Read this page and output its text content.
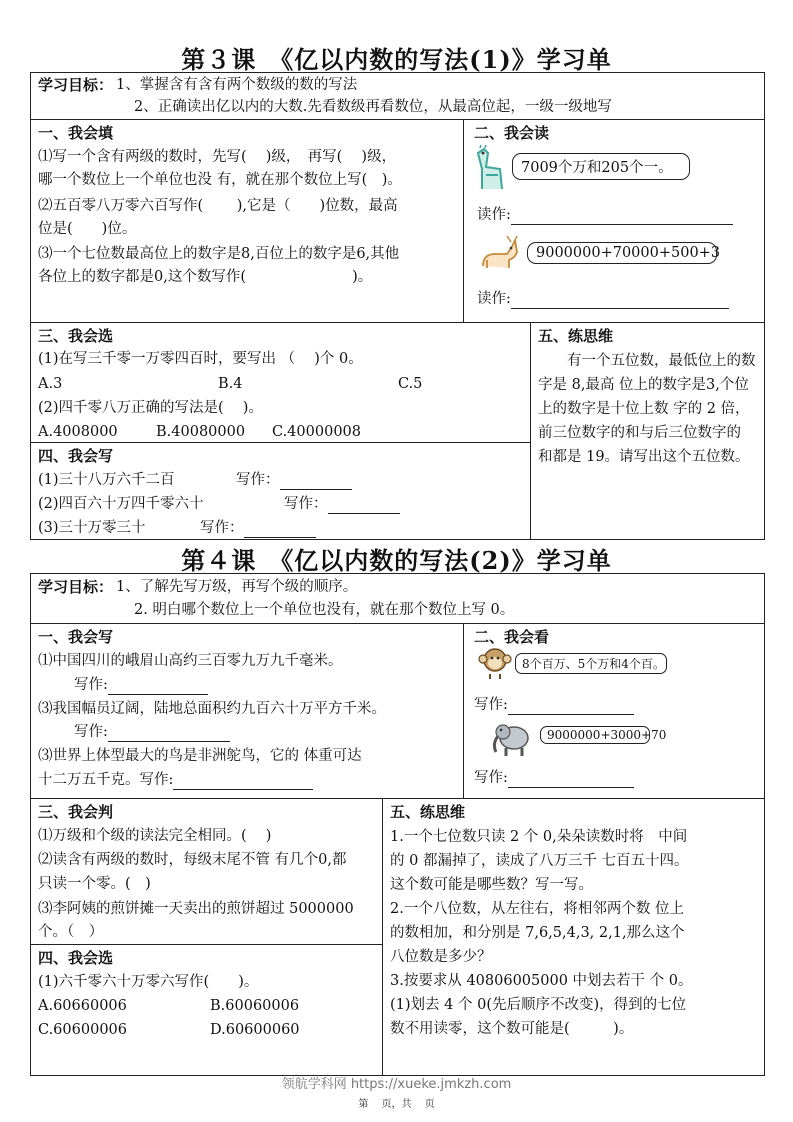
第３课　《亿以内数的写法(1)》学习单
学习目标： 1、掌握含有含有两个数级的数的写法
2、正确读出亿以内的大数.先看数级再看数位，从最高位起，一级一级地写
一、我会填
⑴写一个含有两级的数时，先写(　 )级，　再写(　 )级，
哪一个数位上一个单位也没 有，就在那个数位上写(　)。
⑵五百零八万零六百写作(　　 ),它是（　　)位数，最高
位是(　　)位。
⑶一个七位数最高位上的数字是8,百位上的数字是6,其他
各位上的数字都是0,这个数写作(　　　　　　　 )。
二、我会读
7009个万和205个一。
读作:
9000000+70000+500+3
读作:
三、我会选
(1)在写三千零一万零四百时，要写出 （　 )个 0。
A.3	B.4	C.5
(2)四千零八万正确的写法是(　 )。
A.4008000	B.40080000 C.40000008
四、我会写
(1)三十八万六千二百	写作：
(2)四百六十万四千零六十	写作：
(3)三十万零三十	写作：
五、练思维
　　有一个五位数，最低位上的数字是 8,最高 位上的数字是3,个位上的数字是十位上数 字的 2 倍，前三位数字的和与后三位数字的 和都是 19。请写出这个五位数。
第４课　《亿以内数的写法(2)》学习单
学习目标： 1、了解先写万级，再写个级的顺序。
2. 明白哪个数位上一个单位也没有，就在那个数位上写 0。
一、我会写
⑴中国四川的峨眉山高约三百零九万九千毫米。
写作:
⑶我国幅员辽阔，陆地总面积约九百六十万平方千米。
写作:
⑶世界上体型最大的鸟是非洲鸵鸟，它的 体重可达
十二万五千克。写作:
二、我会看
8个百万、5个万和4个百。
写作:
9000000+3000+70
写作:
三、我会判
⑴万级和个级的读法完全相同。(　 )
⑵读含有两级的数时，每级末尾不管 有几个0,都
只读一个零。(　)
⑶李阿姨的煎饼摊一天卖出的煎饼超过 5000000
个。（　）
四、我会选
(1)六千零六十万零六写作(　　)。
A.60660006	B.60060006
C.60600006	D.60600060
五、练思维
1.一个七位数只读 2 个 0,朵朵读数时将　中间
的 0 都漏掉了，读成了八万三千 七百五十四。
这个数可能是哪些数？写一写。
2.一个八位数，从左往右，将相邻两个数 位上
的数相加，和分别是 7,6,5,4,3, 2,1,那么这个
八位数是多少？
3.按要求从 40806005000 中划去若干 个 0。
(1)划去 4 个 0(先后顺序不改变)，得到的七位
数不用读零，这个数可能是(　　　)。
领航学科网 https://xueke.jmkzh.com
第　 页，共　 页
